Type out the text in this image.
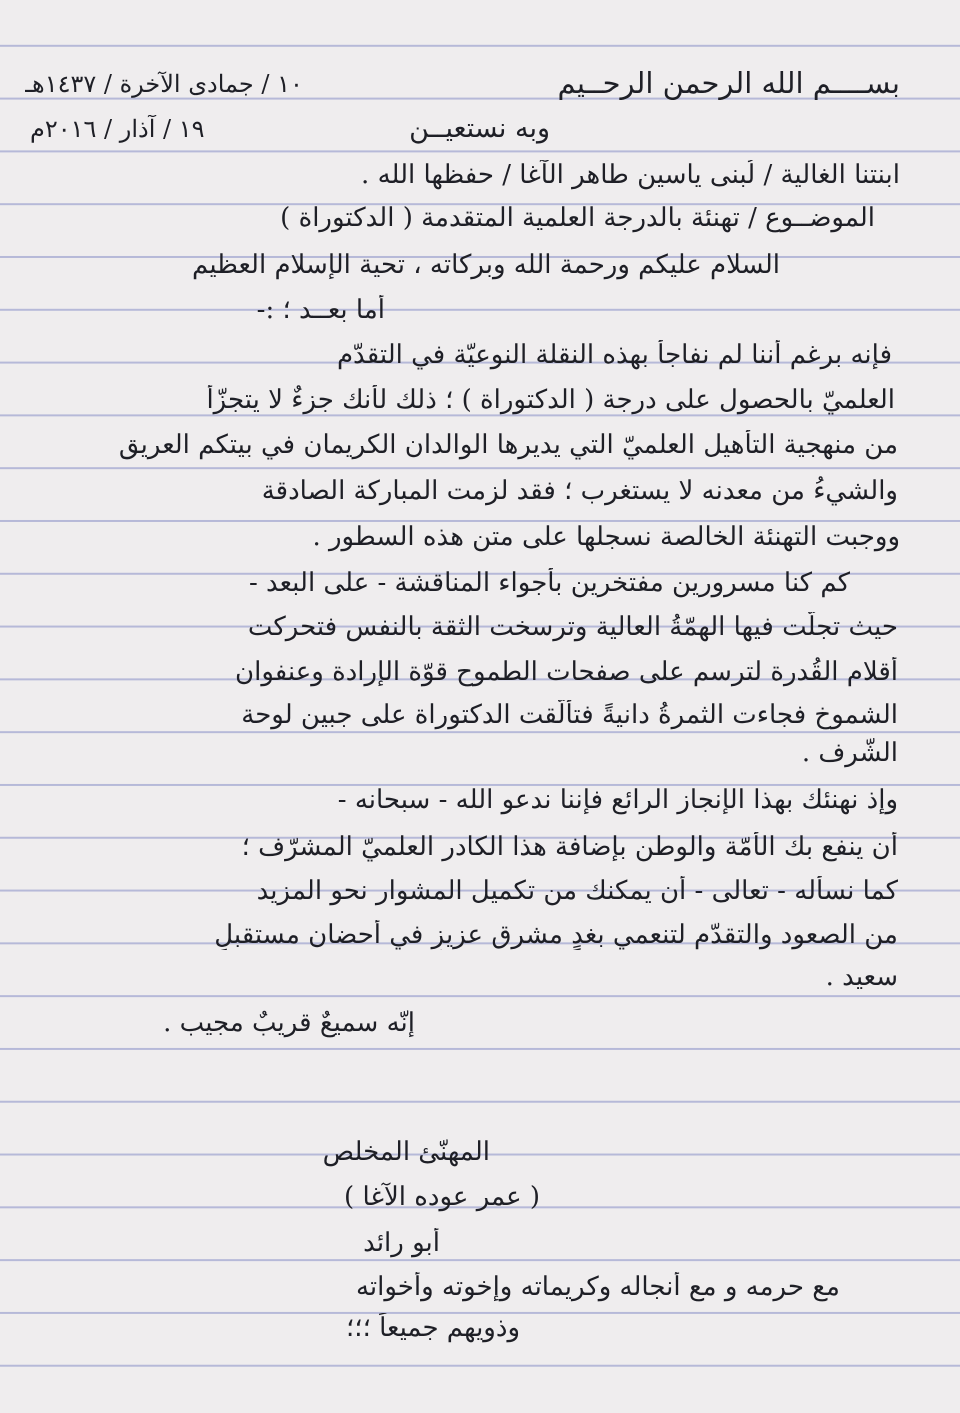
بســــم الله الرحمن الرحــيم
١٠ / جمادى الآخرة / ١٤٣٧هـ
وبه نستعيــن
١٩ / آذار / ٢٠١٦م
ابنتنا الغالية / لُبنى ياسين طاهر الآغا / حفظها الله .
الموضــوع / تهنئة بالدرجة العلمية المتقدمة ( الدكتوراة )
السلام عليكم ورحمة الله وبركاته ، تحية الإسلام العظيم
أما بعــد ؛ :-
فإنه برغم أننا لم نفاجأ بهذه النقلة النوعيّة في التقدّم
العلميّ بالحصول على درجة ( الدكتوراة ) ؛ ذلك لأنك جزءٌ لا يتجزّأ
من منهجية التأهيل العلميّ التي يديرها الوالدان الكريمان في بيتكم العريق
والشيءُ من معدنه لا يستغرب ؛ فقد لزمت المباركة الصادقة
ووجبت التهنئة الخالصة نسجلها على متن هذه السطور .
كم كنا مسرورين مفتخرين بأجواء المناقشة - على البعد -
حيث تجلّت فيها الهمّةُ العالية وترسخت الثقة بالنفس فتحركت
أقلام القُدرة لترسم على صفحات الطموح قوّة الإرادة وعنفوان
الشموخ فجاءت الثمرةُ دانيةً فتألّقت الدكتوراة على جبين لوحة
الشّرف .
وإذ نهنئك بهذا الإنجاز الرائع فإننا ندعو الله - سبحانه -
أن ينفع بك الأمّة والوطن بإضافة هذا الكادر العلميّ المشرّف ؛
كما نسأله - تعالى - أن يمكنك من تكميل المشوار نحو المزيد
من الصعود والتقدّم لتنعمي بغدٍ مشرقٍ عزيزٍ في أحضان مستقبلٍ
سعيد .
إنّه سميعٌ قريبٌ مجيب .
المهنّئ المخلص
( عمر عوده الآغا )
أبو رائد
مع حرمه و مع أنجاله وكريماته وإخوته وأخواته
وذويهم جميعاً ؛؛؛
